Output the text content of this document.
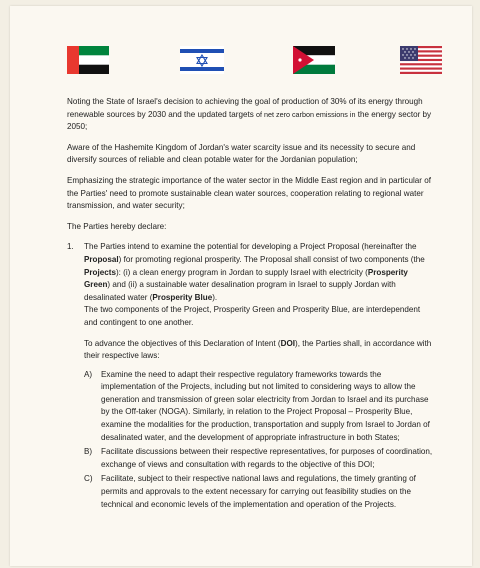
Noting the State of Israel's decision to achieving the goal of production of 30% of its energy through renewable sources by 2030 and the updated targets of net zero carbon emissions in the energy sector by 2050;

Aware of the Hashemite Kingdom of Jordan's water scarcity issue and its necessity to secure and diversify sources of reliable and clean potable water for the Jordanian population;

Emphasizing the strategic importance of the water sector in the Middle East region and in particular of the Parties' need to promote sustainable clean water sources, cooperation relating to regional water transmission, and water security;

The Parties hereby declare:

1. The Parties intend to examine the potential for developing a Project Proposal (hereinafter the Proposal) for promoting regional prosperity. The Proposal shall consist of two components (the Projects): (i) a clean energy program in Jordan to supply Israel with electricity (Prosperity Green) and (ii) a sustainable water desalination program in Israel to supply Jordan with desalinated water (Prosperity Blue).
The two components of the Project, Prosperity Green and Prosperity Blue, are interdependent and contingent to one another.
To advance the objectives of this Declaration of Intent (DOI), the Parties shall, in accordance with their respective laws:
A) Examine the need to adapt their respective regulatory frameworks towards the implementation of the Projects, including but not limited to considering ways to allow the generation and transmission of green solar electricity from Jordan to Israel and its purchase by the Off-taker (NOGA). Similarly, in relation to the Project Proposal – Prosperity Blue, examine the modalities for the production, transportation and supply from Israel to Jordan of desalinated water, and the development of appropriate infrastructure in both States;
B) Facilitate discussions between their respective representatives, for purposes of coordination, exchange of views and consultation with regards to the objective of this DOI;
C) Facilitate, subject to their respective national laws and regulations, the timely granting of permits and approvals to the extent necessary for carrying out feasibility studies on the technical and economic levels of the implementation and operation of the Projects.
